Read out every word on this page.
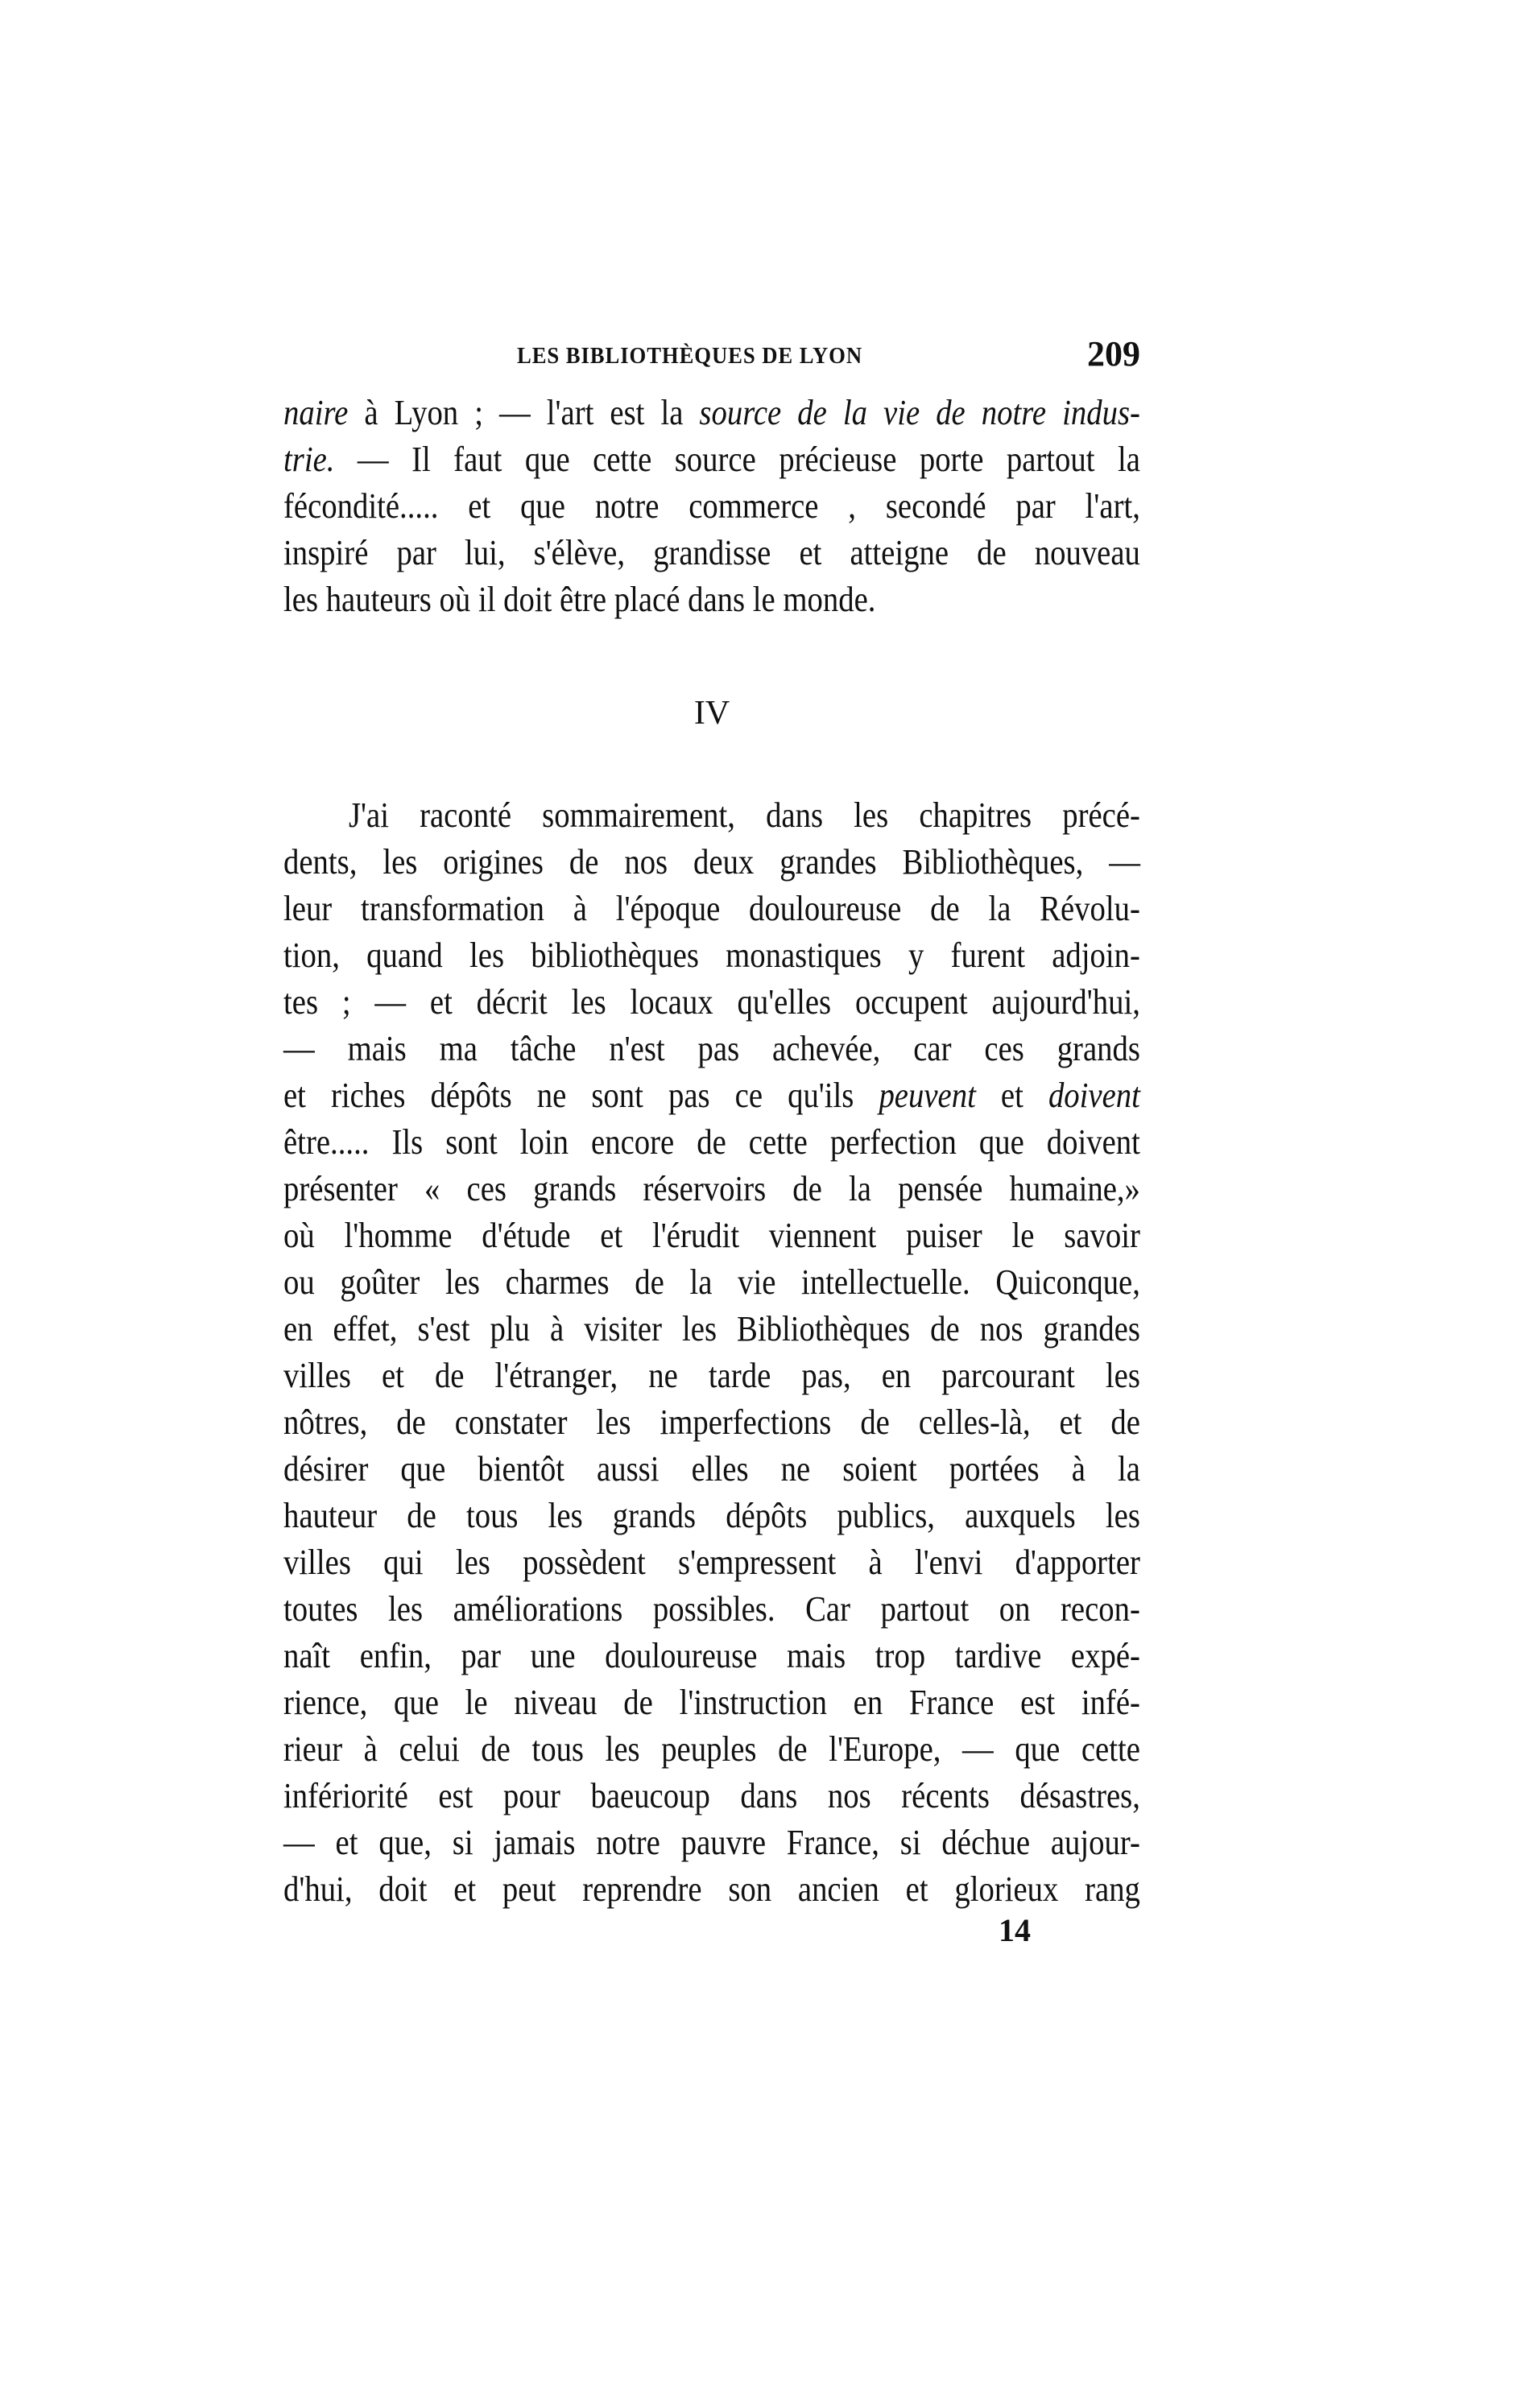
LES BIBLIOTHÈQUES DE LYON	209
naire à Lyon ; — l'art est la source de la vie de notre indus-
trie. — Il faut que cette source précieuse porte partout la
fécondité..... et que notre commerce , secondé par l'art,
inspiré par lui, s'élève, grandisse et atteigne de nouveau
les hauteurs où il doit être placé dans le monde.
IV
J'ai raconté sommairement, dans les chapitres précé-
dents, les origines de nos deux grandes Bibliothèques, —
leur transformation à l'époque douloureuse de la Révolu-
tion, quand les bibliothèques monastiques y furent adjoin-
tes ; — et décrit les locaux qu'elles occupent aujourd'hui,
— mais ma tâche n'est pas achevée, car ces grands
et riches dépôts ne sont pas ce qu'ils peuvent et doivent
être..... Ils sont loin encore de cette perfection que doivent
présenter « ces grands réservoirs de la pensée humaine,»
où l'homme d'étude et l'érudit viennent puiser le savoir
ou goûter les charmes de la vie intellectuelle. Quiconque,
en effet, s'est plu à visiter les Bibliothèques de nos grandes
villes et de l'étranger, ne tarde pas, en parcourant les
nôtres, de constater les imperfections de celles-là, et de
désirer que bientôt aussi elles ne soient portées à la
hauteur de tous les grands dépôts publics, auxquels les
villes qui les possèdent s'empressent à l'envi d'apporter
toutes les améliorations possibles. Car partout on recon-
naît enfin, par une douloureuse mais trop tardive expé-
rience, que le niveau de l'instruction en France est infé-
rieur à celui de tous les peuples de l'Europe, — que cette
infériorité est pour baeucoup dans nos récents désastres,
— et que, si jamais notre pauvre France, si déchue aujour-
d'hui, doit et peut reprendre son ancien et glorieux rang
14
